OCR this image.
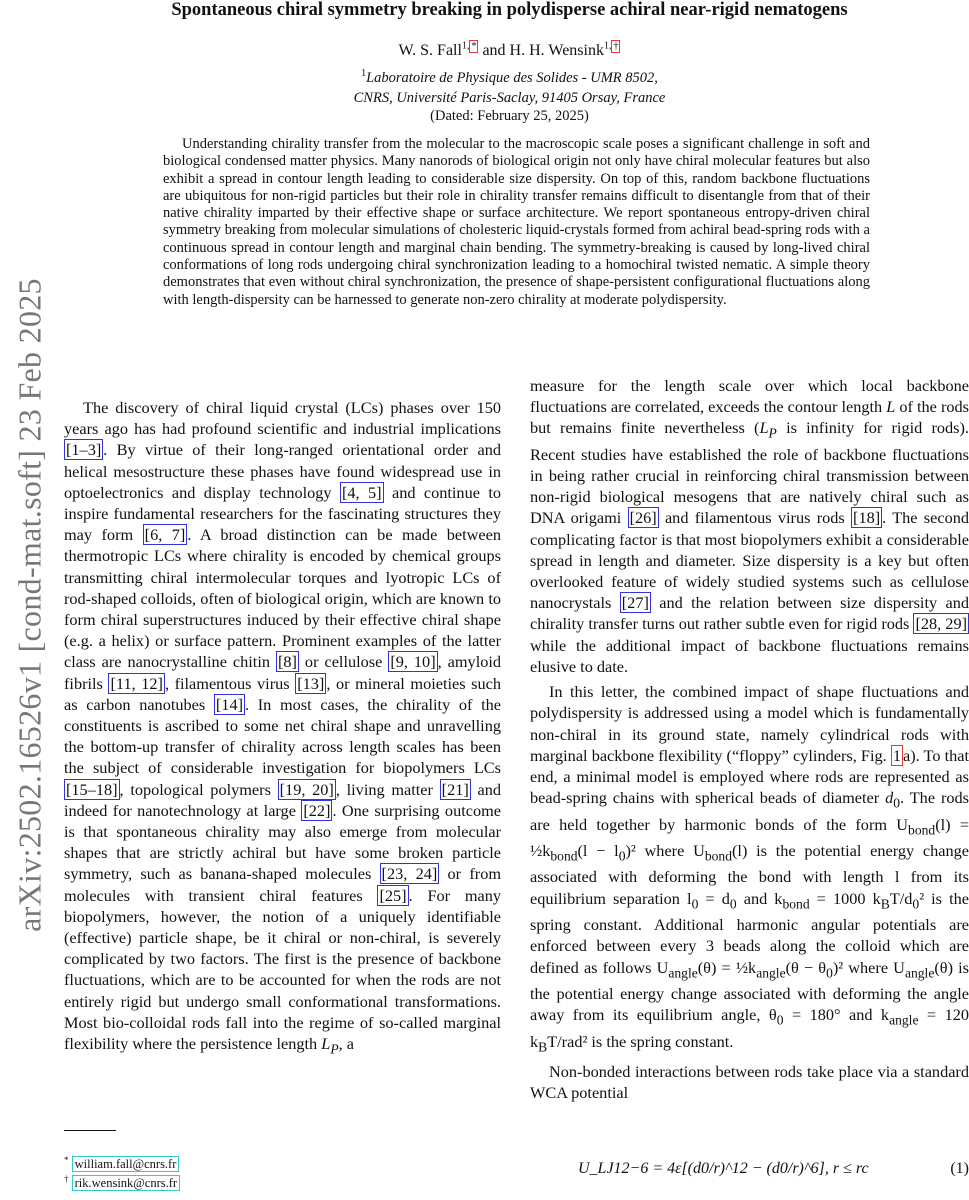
arXiv:2502.16526v1 [cond-mat.soft] 23 Feb 2025
Spontaneous chiral symmetry breaking in polydisperse achiral near-rigid nematogens
W. S. Fall$^{1, *}$ and H. H. Wensink$^{1, \dagger}$
$^1$Laboratoire de Physique des Solides - UMR 8502,
CNRS, Université Paris-Saclay, 91405 Orsay, France
(Dated: February 25, 2025)

Understanding chirality transfer from the molecular to the macroscopic scale poses a significant challenge in soft and biological condensed matter physics. Many nanorods of biological origin not only have chiral molecular features but also exhibit a spread in contour length leading to considerable size dispersity. On top of this, random backbone fluctuations are ubiquitous for non-rigid particles but their role in chirality transfer remains difficult to disentangle from that of their native chirality imparted by their effective shape or surface architecture. We report spontaneous entropy-driven chiral symmetry breaking from molecular simulations of cholesteric liquid-crystals formed from achiral bead-spring rods with a continuous spread in contour length and marginal chain bending. The symmetry-breaking is caused by long-lived chiral conformations of long rods undergoing chiral synchronization leading to a homochiral twisted nematic. A simple theory demonstrates that even without chiral synchronization, the presence of shape-persistent configurational fluctuations along with length-dispersity can be harnessed to generate non-zero chirality at moderate polydispersity.

The discovery of chiral liquid crystal (LCs) phases over 150 years ago has had profound scientific and industrial implications [1–3] . By virtue of their long-ranged orientational order and helical mesostructure these phases have found widespread use in optoelectronics and display technology [4, 5] and continue to inspire fundamental researchers for the fascinating structures they may form [6, 7] . A broad distinction can be made between thermotropic LCs where chirality is encoded by chemical groups transmitting chiral intermolecular torques and lyotropic LCs of rod-shaped colloids, often of biological origin, which are known to form chiral superstructures induced by their effective chiral shape (e.g. a helix) or surface pattern. Prominent examples of the latter class are nanocrystalline chitin [8] or cellulose [9, 10] , amyloid fibrils [11, 12] , filamentous virus [13] , or mineral moieties such as carbon nanotubes [14] . In most cases, the chirality of the constituents is ascribed to some net chiral shape and unravelling the bottom-up transfer of chirality across length scales has been the subject of considerable investigation for biopolymers LCs [15–18] , topological polymers [19, 20] , living matter [21] and indeed for nanotechnology at large [22] . One surprising outcome is that spontaneous chirality may also emerge from molecular shapes that are strictly achiral but have some broken particle symmetry, such as banana-shaped molecules [23, 24] or from molecules with transient chiral features [25] . For many biopolymers, however, the notion of a uniquely identifiable (effective) particle shape, be it chiral or non-chiral, is severely complicated by two factors. The first is the presence of backbone fluctuations, which are to be accounted for when the rods are not entirely rigid but undergo small conformational transformations. Most bio-colloidal rods fall into the regime of so-called marginal flexibility where the persistence length $L_P$, a

measure for the length scale over which local backbone fluctuations are correlated, exceeds the contour length L of the rods but remains finite nevertheless ($L_P$ is infinity for rigid rods). Recent studies have established the role of backbone fluctuations in being rather crucial in reinforcing chiral transmission between non-rigid biological mesogens that are natively chiral such as DNA origami [26] and filamentous virus rods [18] . The second complicating factor is that most biopolymers exhibit a considerable spread in length and diameter. Size dispersity is a key but often overlooked feature of widely studied systems such as cellulose nanocrystals [27] and the relation between size dispersity and chirality transfer turns out rather subtle even for rigid rods [28, 29] while the additional impact of backbone fluctuations remains elusive to date.

In this letter, the combined impact of shape fluctuations and polydispersity is addressed using a model which is fundamentally non-chiral in its ground state, namely cylindrical rods with marginal backbone flexibility (“floppy” cylinders, Fig. 1 a). To that end, a minimal model is employed where rods are represented as bead-spring chains with spherical beads of diameter $d_0$. The rods are held together by harmonic bonds of the form $U_{bond}(l)$ = $\frac{1}{2}k_{bond}(l - l_0)^2$ where $U_{bond}(l)$ is the potential energy change associated with deforming the bond with length l from its equilibrium separation $l_0 = d_0$ and $k_{bond} = 1000$ $k_BT/d_0^2$ is the spring constant. Additional harmonic angular potentials are enforced between every 3 beads along the colloid which are defined as follows $U_{angle}(\theta)$ = $\frac{1}{2}k_{angle}(\theta - \theta_0)^2$ where $U_{angle}(\theta)$ is the potential energy change associated with deforming the angle away from its equilibrium angle, $\theta_0 = 180^\circ$ and $k_{angle} = 120$ $k_BT$/rad² is the spring constant.

Non-bonded interactions between rods take place via a standard WCA potential

* william.fall@cnrs.fr
† rik.wensink@cnrs.fr
U_LJ12−6 = 4ε[(d0/r)^12 − (d0/r)^6], r ≤ rc	(1)
